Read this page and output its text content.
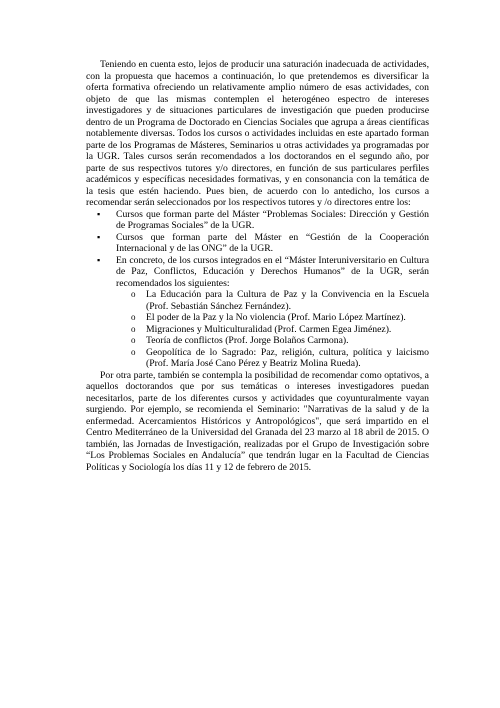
Teniendo en cuenta esto, lejos de producir una saturación inadecuada de actividades, con la propuesta que hacemos a continuación, lo que pretendemos es diversificar la oferta formativa ofreciendo un relativamente amplio número de esas actividades, con objeto de que las mismas contemplen el heterogéneo espectro de intereses investigadores y de situaciones particulares de investigación que pueden producirse dentro de un Programa de Doctorado en Ciencias Sociales que agrupa a áreas científicas notablemente diversas. Todos los cursos o actividades incluidas en este apartado forman parte de los Programas de Másteres, Seminarios u otras actividades ya programadas por la UGR. Tales cursos serán recomendados a los doctorandos en el segundo año, por parte de sus respectivos tutores y/o directores, en función de sus particulares perfiles académicos y específicas necesidades formativas, y en consonancia con la temática de la tesis que estén haciendo. Pues bien, de acuerdo con lo antedicho, los cursos a recomendar serán seleccionados por los respectivos tutores y /o directores entre los:

▪ Cursos que forman parte del Máster “Problemas Sociales: Dirección y Gestión de Programas Sociales” de la UGR.
▪ Cursos que forman parte del Máster en “Gestión de la Cooperación Internacional y de las ONG” de la UGR.
▪ En concreto, de los cursos integrados en el “Máster Interuniversitario en Cultura de Paz, Conflictos, Educación y Derechos Humanos” de la UGR, serán recomendados los siguientes:
o La Educación para la Cultura de Paz y la Convivencia en la Escuela (Prof. Sebastián Sánchez Fernández).
o El poder de la Paz y la No violencia (Prof. Mario López Martínez).
o Migraciones y Multiculturalidad (Prof. Carmen Egea Jiménez).
o Teoría de conflictos (Prof. Jorge Bolaños Carmona).
o Geopolítica de lo Sagrado: Paz, religión, cultura, política y laicismo (Prof. María José Cano Pérez y Beatriz Molina Rueda).

Por otra parte, también se contempla la posibilidad de recomendar como optativos, a aquellos doctorandos que por sus temáticas o intereses investigadores puedan necesitarlos, parte de los diferentes cursos y actividades que coyunturalmente vayan surgiendo. Por ejemplo, se recomienda el Seminario: "Narrativas de la salud y de la enfermedad. Acercamientos Históricos y Antropológicos", que será impartido en el Centro Mediterráneo de la Universidad del Granada del 23 marzo al 18 abril de 2015. O también, las Jornadas de Investigación, realizadas por el Grupo de Investigación sobre “Los Problemas Sociales en Andalucía” que tendrán lugar en la Facultad de Ciencias Políticas y Sociología los días 11 y 12 de febrero de 2015.
